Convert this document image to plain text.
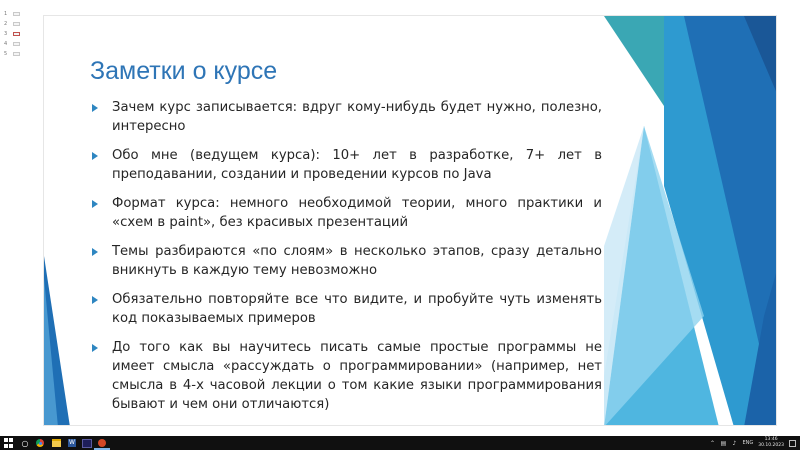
1
2
3
4
5
Заметки о курсе
Зачем курс записывается: вдруг кому-нибудь будет нужно, полезно, интересно
Обо мне (ведущем курса): 10+ лет в разработке, 7+ лет в преподавании, создании и проведении курсов по Java
Формат курса: немного необходимой теории, много практики и «схем в paint», без красивых презентаций
Темы разбираются «по слоям» в несколько этапов, сразу детально вникнуть в каждую тему невозможно
Обязательно повторяйте все что видите, и пробуйте чуть изменять код показываемых примеров
До того как вы научитесь писать самые простые программы не имеет смысла «рассуждать о программировании» (например, нет смысла в 4-х часовой лекции о том какие языки программирования бывают и чем они отличаются)
○	W	⌃ ▤ ♪ ENG
13:46
30.10.2023
